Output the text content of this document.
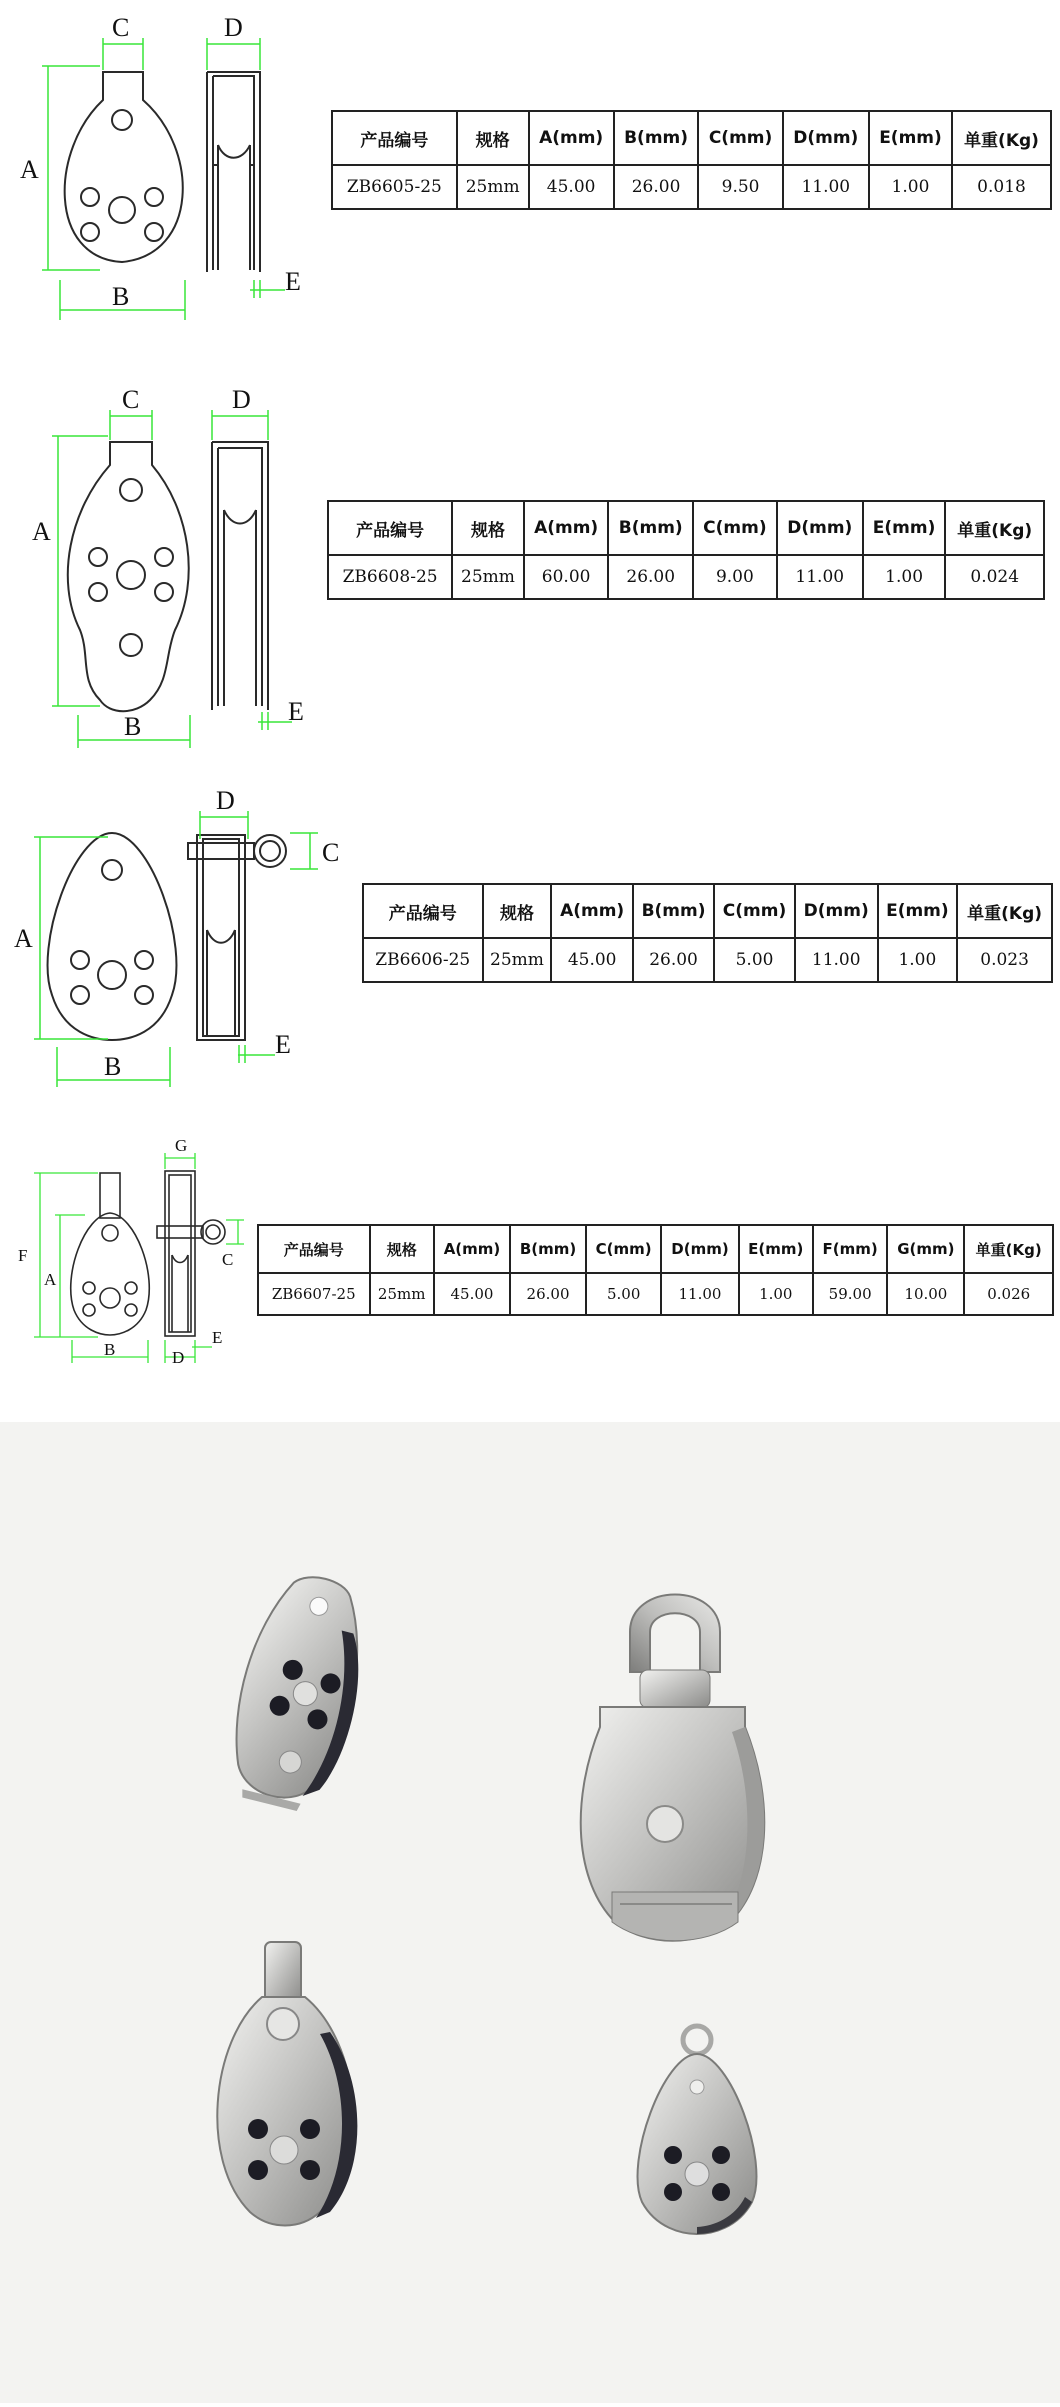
A
B
C	D
E
产品编号	规格	A(mm)	B(mm)	C(mm)	D(mm)	E(mm)	单重(Kg)
ZB6605-25	25mm	45.00	26.00	9.50	11.00	1.00	0.018
A
B
C	D
E
产品编号	规格	A(mm)	B(mm)	C(mm)	D(mm)	E(mm)	单重(Kg)
ZB6608-25	25mm	60.00	26.00	9.00	11.00	1.00	0.024
A
B
D
C
E
产品编号	规格	A(mm)	B(mm)	C(mm)	D(mm)	E(mm)	单重(Kg)
ZB6606-25	25mm	45.00	26.00	5.00	11.00	1.00	0.023
F
A
B
G
D
C
E
产品编号	规格	A(mm)	B(mm)	C(mm)	D(mm)	E(mm)	F(mm)	G(mm)	单重(Kg)
ZB6607-25	25mm	45.00	26.00	5.00	11.00	1.00	59.00	10.00	0.026
